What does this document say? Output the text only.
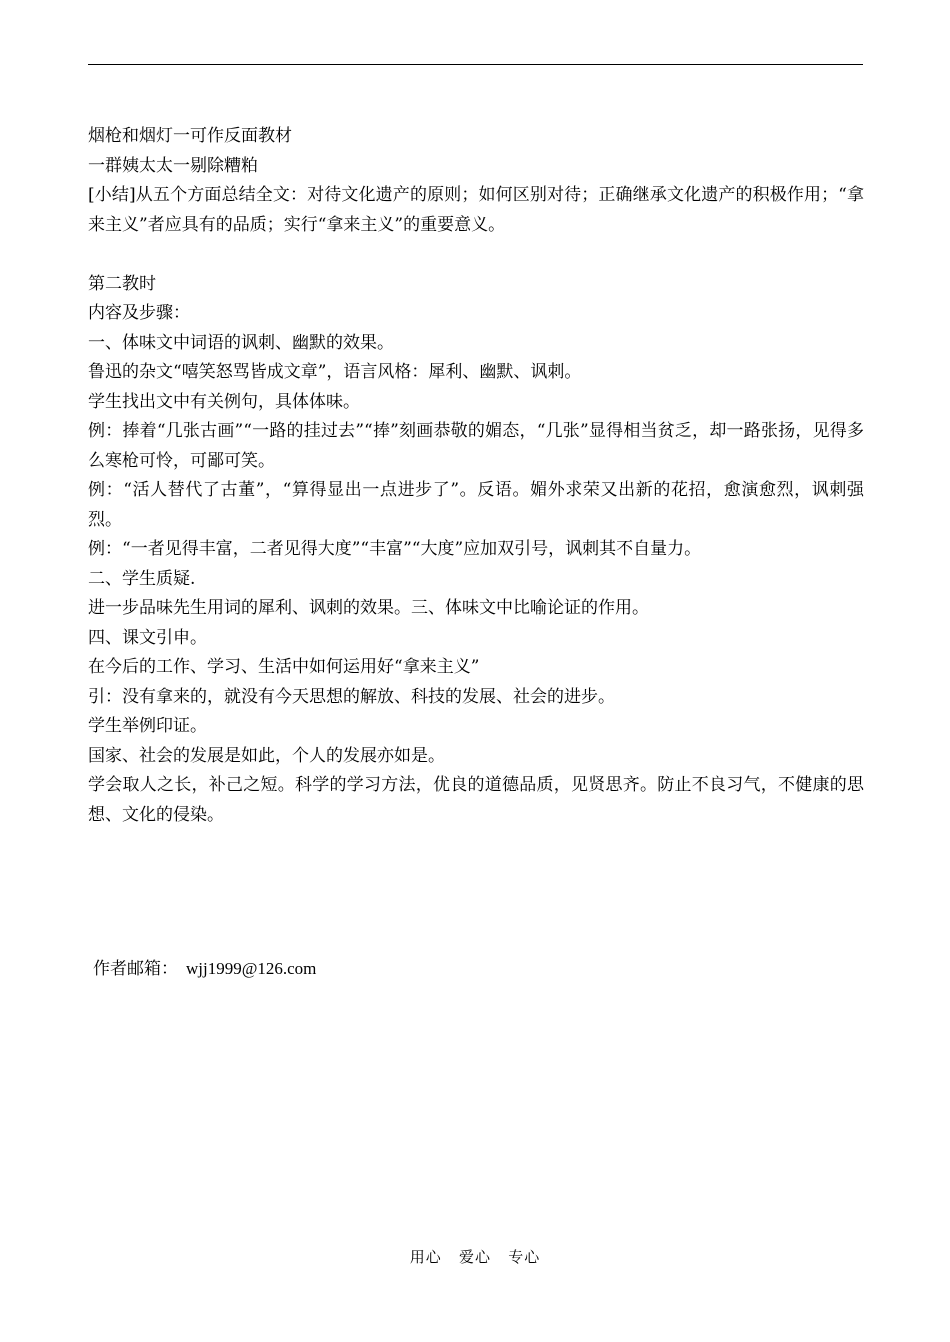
烟枪和烟灯一可作反面教材

一群姨太太一剔除糟粕

[小结]从五个方面总结全文：对待文化遗产的原则；如何区别对待；正确继承文化遗产的积极作用；“拿来主义”者应具有的品质；实行“拿来主义”的重要意义。

第二教时

内容及步骤：

一、体味文中词语的讽刺、幽默的效果。

鲁迅的杂文“嘻笑怒骂皆成文章”，语言风格：犀利、幽默、讽刺。

学生找出文中有关例句，具体体味。

例：捧着“几张古画”“一路的挂过去”“捧”刻画恭敬的媚态，“几张”显得相当贫乏，却一路张扬，见得多么寒枪可怜，可鄙可笑。

例：“活人替代了古董”，“算得显出一点进步了”。反语。媚外求荣又出新的花招，愈演愈烈，讽刺强烈。

例：“一者见得丰富，二者见得大度”“丰富”“大度”应加双引号，讽刺其不自量力。

二、学生质疑.

进一步品味先生用词的犀利、讽刺的效果。三、体味文中比喻论证的作用。

四、课文引申。

在今后的工作、学习、生活中如何运用好“拿来主义”

引：没有拿来的，就没有今天思想的解放、科技的发展、社会的进步。

学生举例印证。

国家、社会的发展是如此，个人的发展亦如是。

学会取人之长，补己之短。科学的学习方法，优良的道德品质，见贤思齐。防止不良习气，不健康的思想、文化的侵染。

作者邮箱： wjj1999@126.com
用心   爱心   专心
